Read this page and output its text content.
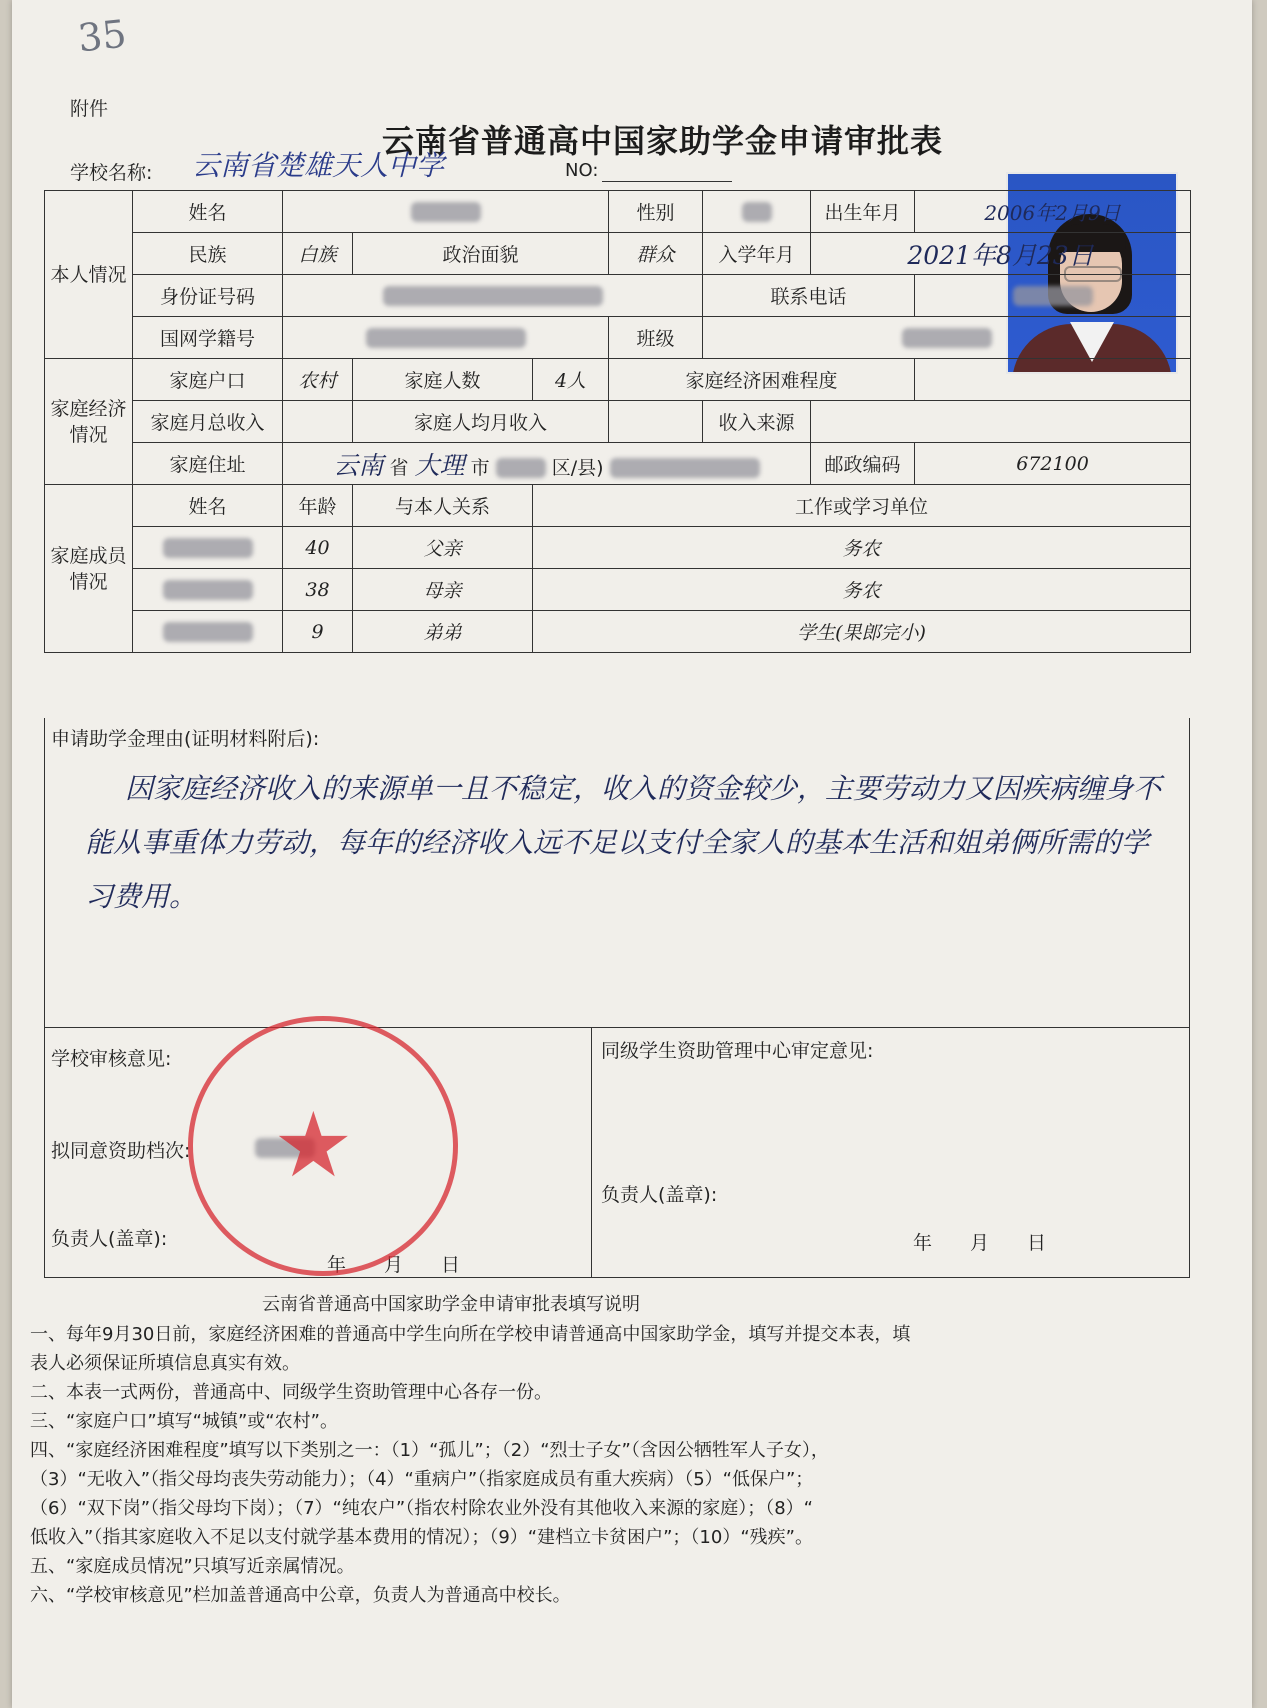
35
附件
云南省普通高中国家助学金申请审批表
学校名称: 云南省楚雄天人中学	NO:
本人情况	姓名				性别		出生年月	2006年2月9日
	民族	白族	政治面貌		群众	入学年月	2021年8月23日	
	身份证号码					联系电话		
	国网学籍号				班级			
家庭经济情况	家庭户口	农村	家庭人数	4人	家庭经济困难程度			
	家庭月总收入		家庭人均月收入			收入来源		
	家庭住址	云南 省 大理 市 区/县)					邮政编码	672100
家庭成员情况	姓名	年龄	与本人关系	工作或学习单位				
		40	父亲	务农				
		38	母亲	务农				
		9	弟弟	学生(果郎完小)				
申请助学金理由(证明材料附后):
因家庭经济收入的来源单一且不稳定，收入的资金较少，主要劳动力又因疾病缠身不能从事重体力劳动，每年的经济收入远不足以支付全家人的基本生活和姐弟俩所需的学习费用。
学校审核意见:
拟同意资助档次:
负责人(盖章):
年　　月　　日
同级学生资助管理中心审定意见:
负责人(盖章):
年　　月　　日
★
云南省普通高中国家助学金申请审批表填写说明
一、每年9月30日前，家庭经济困难的普通高中学生向所在学校申请普通高中国家助学金，填写并提交本表，填
表人必须保证所填信息真实有效。
二、本表一式两份，普通高中、同级学生资助管理中心各存一份。
三、“家庭户口”填写“城镇”或“农村”。
四、“家庭经济困难程度”填写以下类别之一：（1）“孤儿”；（2）“烈士子女”（含因公牺牲军人子女），
（3）“无收入”（指父母均丧失劳动能力）；（4）“重病户”（指家庭成员有重大疾病）（5）“低保户”；
（6）“双下岗”（指父母均下岗）；（7）“纯农户”（指农村除农业外没有其他收入来源的家庭）；（8）“
低收入”（指其家庭收入不足以支付就学基本费用的情况）；（9）“建档立卡贫困户”；（10）“残疾”。
五、“家庭成员情况”只填写近亲属情况。
六、“学校审核意见”栏加盖普通高中公章，负责人为普通高中校长。
